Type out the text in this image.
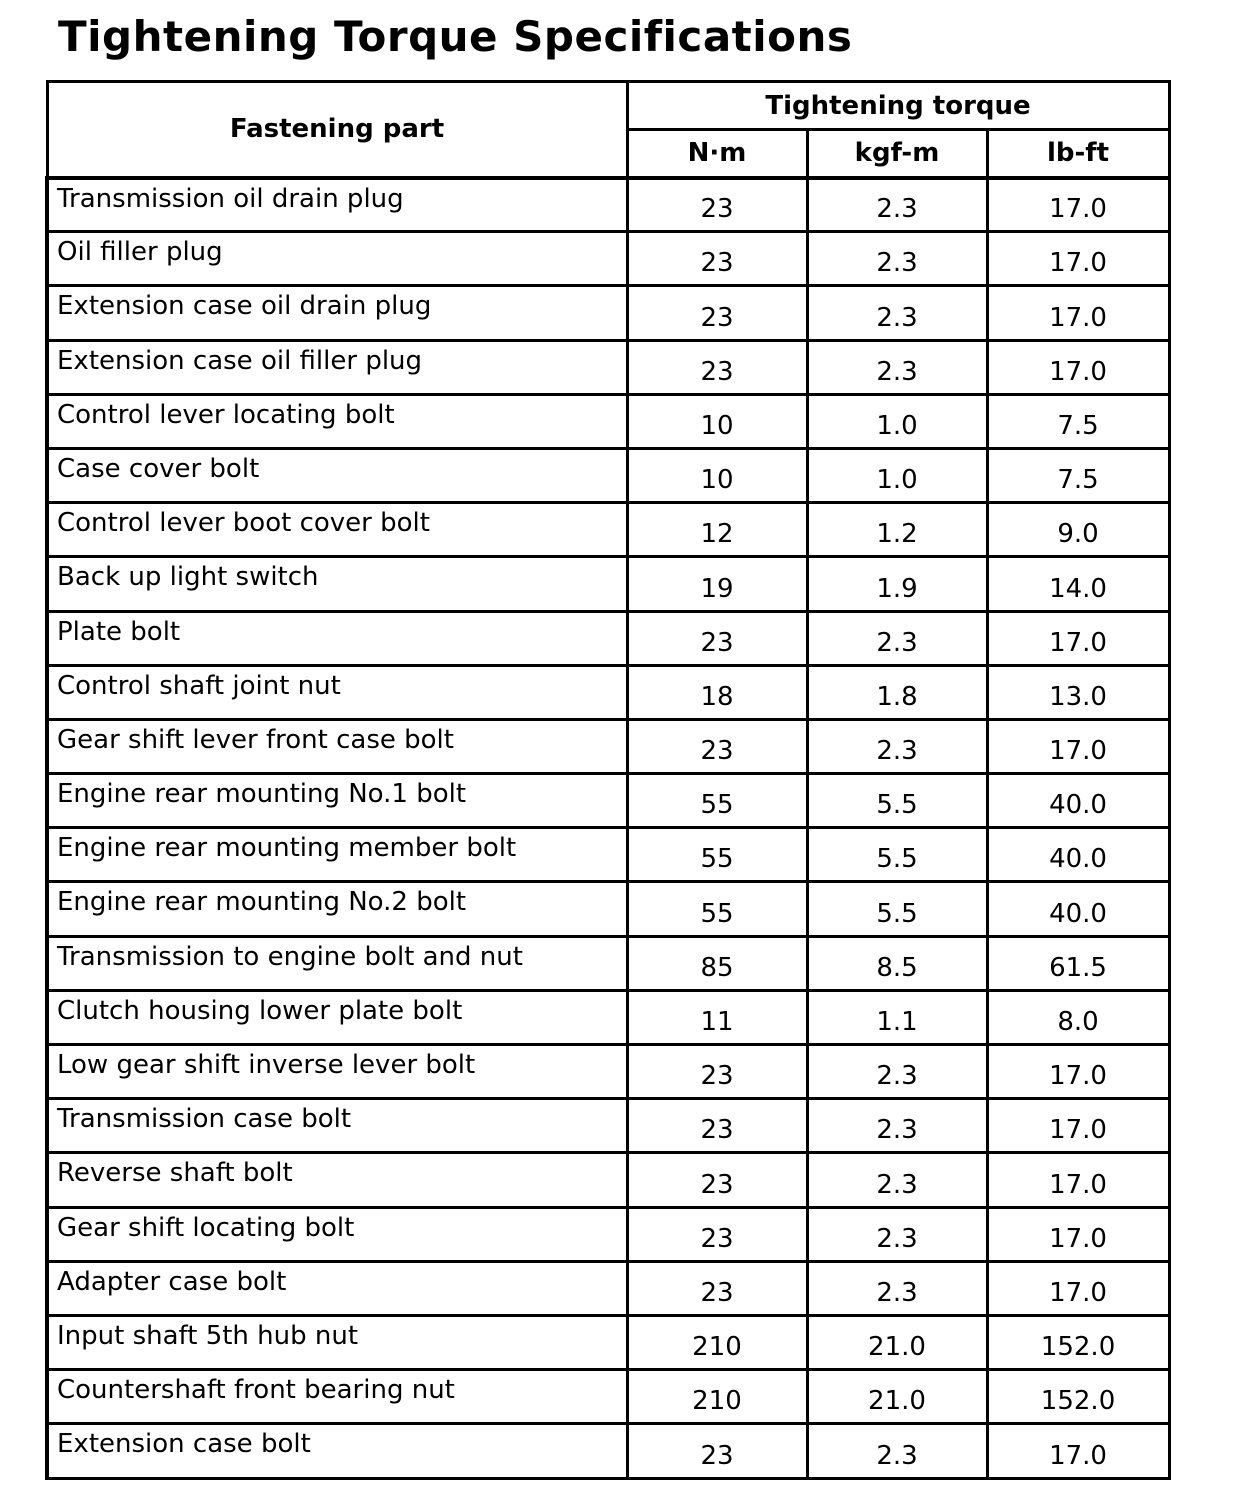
Tightening Torque Specifications
Fastening part	Tightening torque		
	N·m	kgf-m	lb-ft
Transmission oil drain plug	23	2.3	17.0
Oil filler plug	23	2.3	17.0
Extension case oil drain plug	23	2.3	17.0
Extension case oil filler plug	23	2.3	17.0
Control lever locating bolt	10	1.0	7.5
Case cover bolt	10	1.0	7.5
Control lever boot cover bolt	12	1.2	9.0
Back up light switch	19	1.9	14.0
Plate bolt	23	2.3	17.0
Control shaft joint nut	18	1.8	13.0
Gear shift lever front case bolt	23	2.3	17.0
Engine rear mounting No.1 bolt	55	5.5	40.0
Engine rear mounting member bolt	55	5.5	40.0
Engine rear mounting No.2 bolt	55	5.5	40.0
Transmission to engine bolt and nut	85	8.5	61.5
Clutch housing lower plate bolt	11	1.1	8.0
Low gear shift inverse lever bolt	23	2.3	17.0
Transmission case bolt	23	2.3	17.0
Reverse shaft bolt	23	2.3	17.0
Gear shift locating bolt	23	2.3	17.0
Adapter case bolt	23	2.3	17.0
Input shaft 5th hub nut	210	21.0	152.0
Countershaft front bearing nut	210	21.0	152.0
Extension case bolt	23	2.3	17.0
